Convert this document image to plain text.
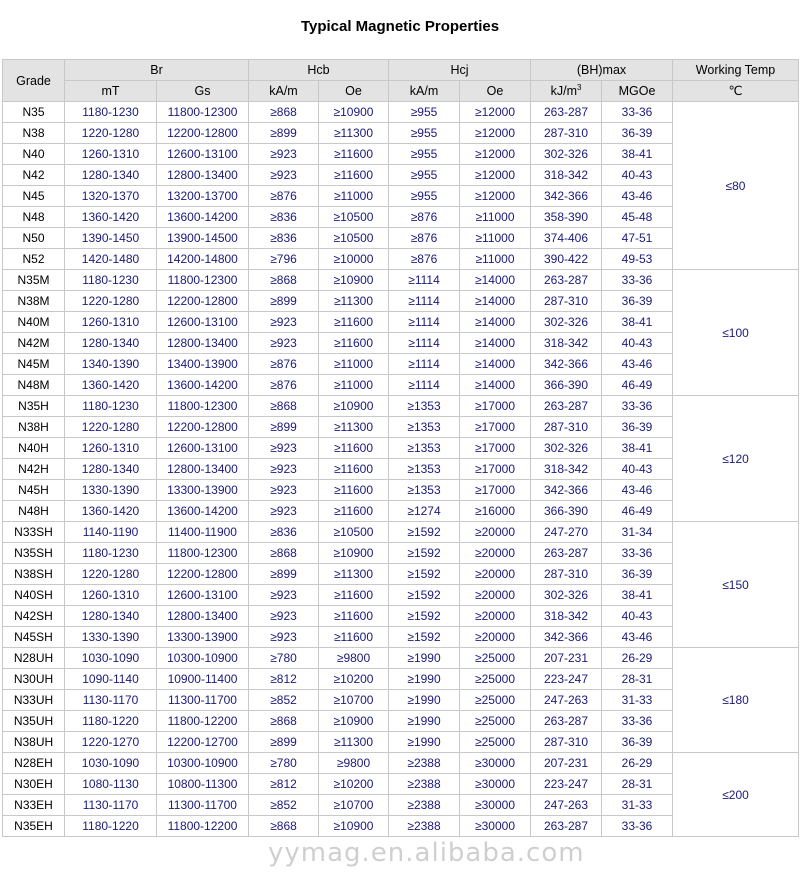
Typical Magnetic Properties
Grade	Br		Hcb		Hcj		(BH)max		Working Temp
	mT	Gs	kA/m	Oe	kA/m	Oe	$kJ/m^3$	MGOe	℃
N35	1180-1230	11800-12300	≥868	≥10900	≥955	≥12000	263-287	33-36	≤80
N38	1220-1280	12200-12800	≥899	≥11300	≥955	≥12000	287-310	36-39	
N40	1260-1310	12600-13100	≥923	≥11600	≥955	≥12000	302-326	38-41	
N42	1280-1340	12800-13400	≥923	≥11600	≥955	≥12000	318-342	40-43	
N45	1320-1370	13200-13700	≥876	≥11000	≥955	≥12000	342-366	43-46	
N48	1360-1420	13600-14200	≥836	≥10500	≥876	≥11000	358-390	45-48	
N50	1390-1450	13900-14500	≥836	≥10500	≥876	≥11000	374-406	47-51	
N52	1420-1480	14200-14800	≥796	≥10000	≥876	≥11000	390-422	49-53	
N35M	1180-1230	11800-12300	≥868	≥10900	≥1114	≥14000	263-287	33-36	≤100
N38M	1220-1280	12200-12800	≥899	≥11300	≥1114	≥14000	287-310	36-39	
N40M	1260-1310	12600-13100	≥923	≥11600	≥1114	≥14000	302-326	38-41	
N42M	1280-1340	12800-13400	≥923	≥11600	≥1114	≥14000	318-342	40-43	
N45M	1340-1390	13400-13900	≥876	≥11000	≥1114	≥14000	342-366	43-46	
N48M	1360-1420	13600-14200	≥876	≥11000	≥1114	≥14000	366-390	46-49	
N35H	1180-1230	11800-12300	≥868	≥10900	≥1353	≥17000	263-287	33-36	≤120
N38H	1220-1280	12200-12800	≥899	≥11300	≥1353	≥17000	287-310	36-39	
N40H	1260-1310	12600-13100	≥923	≥11600	≥1353	≥17000	302-326	38-41	
N42H	1280-1340	12800-13400	≥923	≥11600	≥1353	≥17000	318-342	40-43	
N45H	1330-1390	13300-13900	≥923	≥11600	≥1353	≥17000	342-366	43-46	
N48H	1360-1420	13600-14200	≥923	≥11600	≥1274	≥16000	366-390	46-49	
N33SH	1140-1190	11400-11900	≥836	≥10500	≥1592	≥20000	247-270	31-34	≤150
N35SH	1180-1230	11800-12300	≥868	≥10900	≥1592	≥20000	263-287	33-36	
N38SH	1220-1280	12200-12800	≥899	≥11300	≥1592	≥20000	287-310	36-39	
N40SH	1260-1310	12600-13100	≥923	≥11600	≥1592	≥20000	302-326	38-41	
N42SH	1280-1340	12800-13400	≥923	≥11600	≥1592	≥20000	318-342	40-43	
N45SH	1330-1390	13300-13900	≥923	≥11600	≥1592	≥20000	342-366	43-46	
N28UH	1030-1090	10300-10900	≥780	≥9800	≥1990	≥25000	207-231	26-29	≤180
N30UH	1090-1140	10900-11400	≥812	≥10200	≥1990	≥25000	223-247	28-31	
N33UH	1130-1170	11300-11700	≥852	≥10700	≥1990	≥25000	247-263	31-33	
N35UH	1180-1220	11800-12200	≥868	≥10900	≥1990	≥25000	263-287	33-36	
N38UH	1220-1270	12200-12700	≥899	≥11300	≥1990	≥25000	287-310	36-39	
N28EH	1030-1090	10300-10900	≥780	≥9800	≥2388	≥30000	207-231	26-29	≤200
N30EH	1080-1130	10800-11300	≥812	≥10200	≥2388	≥30000	223-247	28-31	
N33EH	1130-1170	11300-11700	≥852	≥10700	≥2388	≥30000	247-263	31-33	
N35EH	1180-1220	11800-12200	≥868	≥10900	≥2388	≥30000	263-287	33-36	
yymag.en.alibaba.com
